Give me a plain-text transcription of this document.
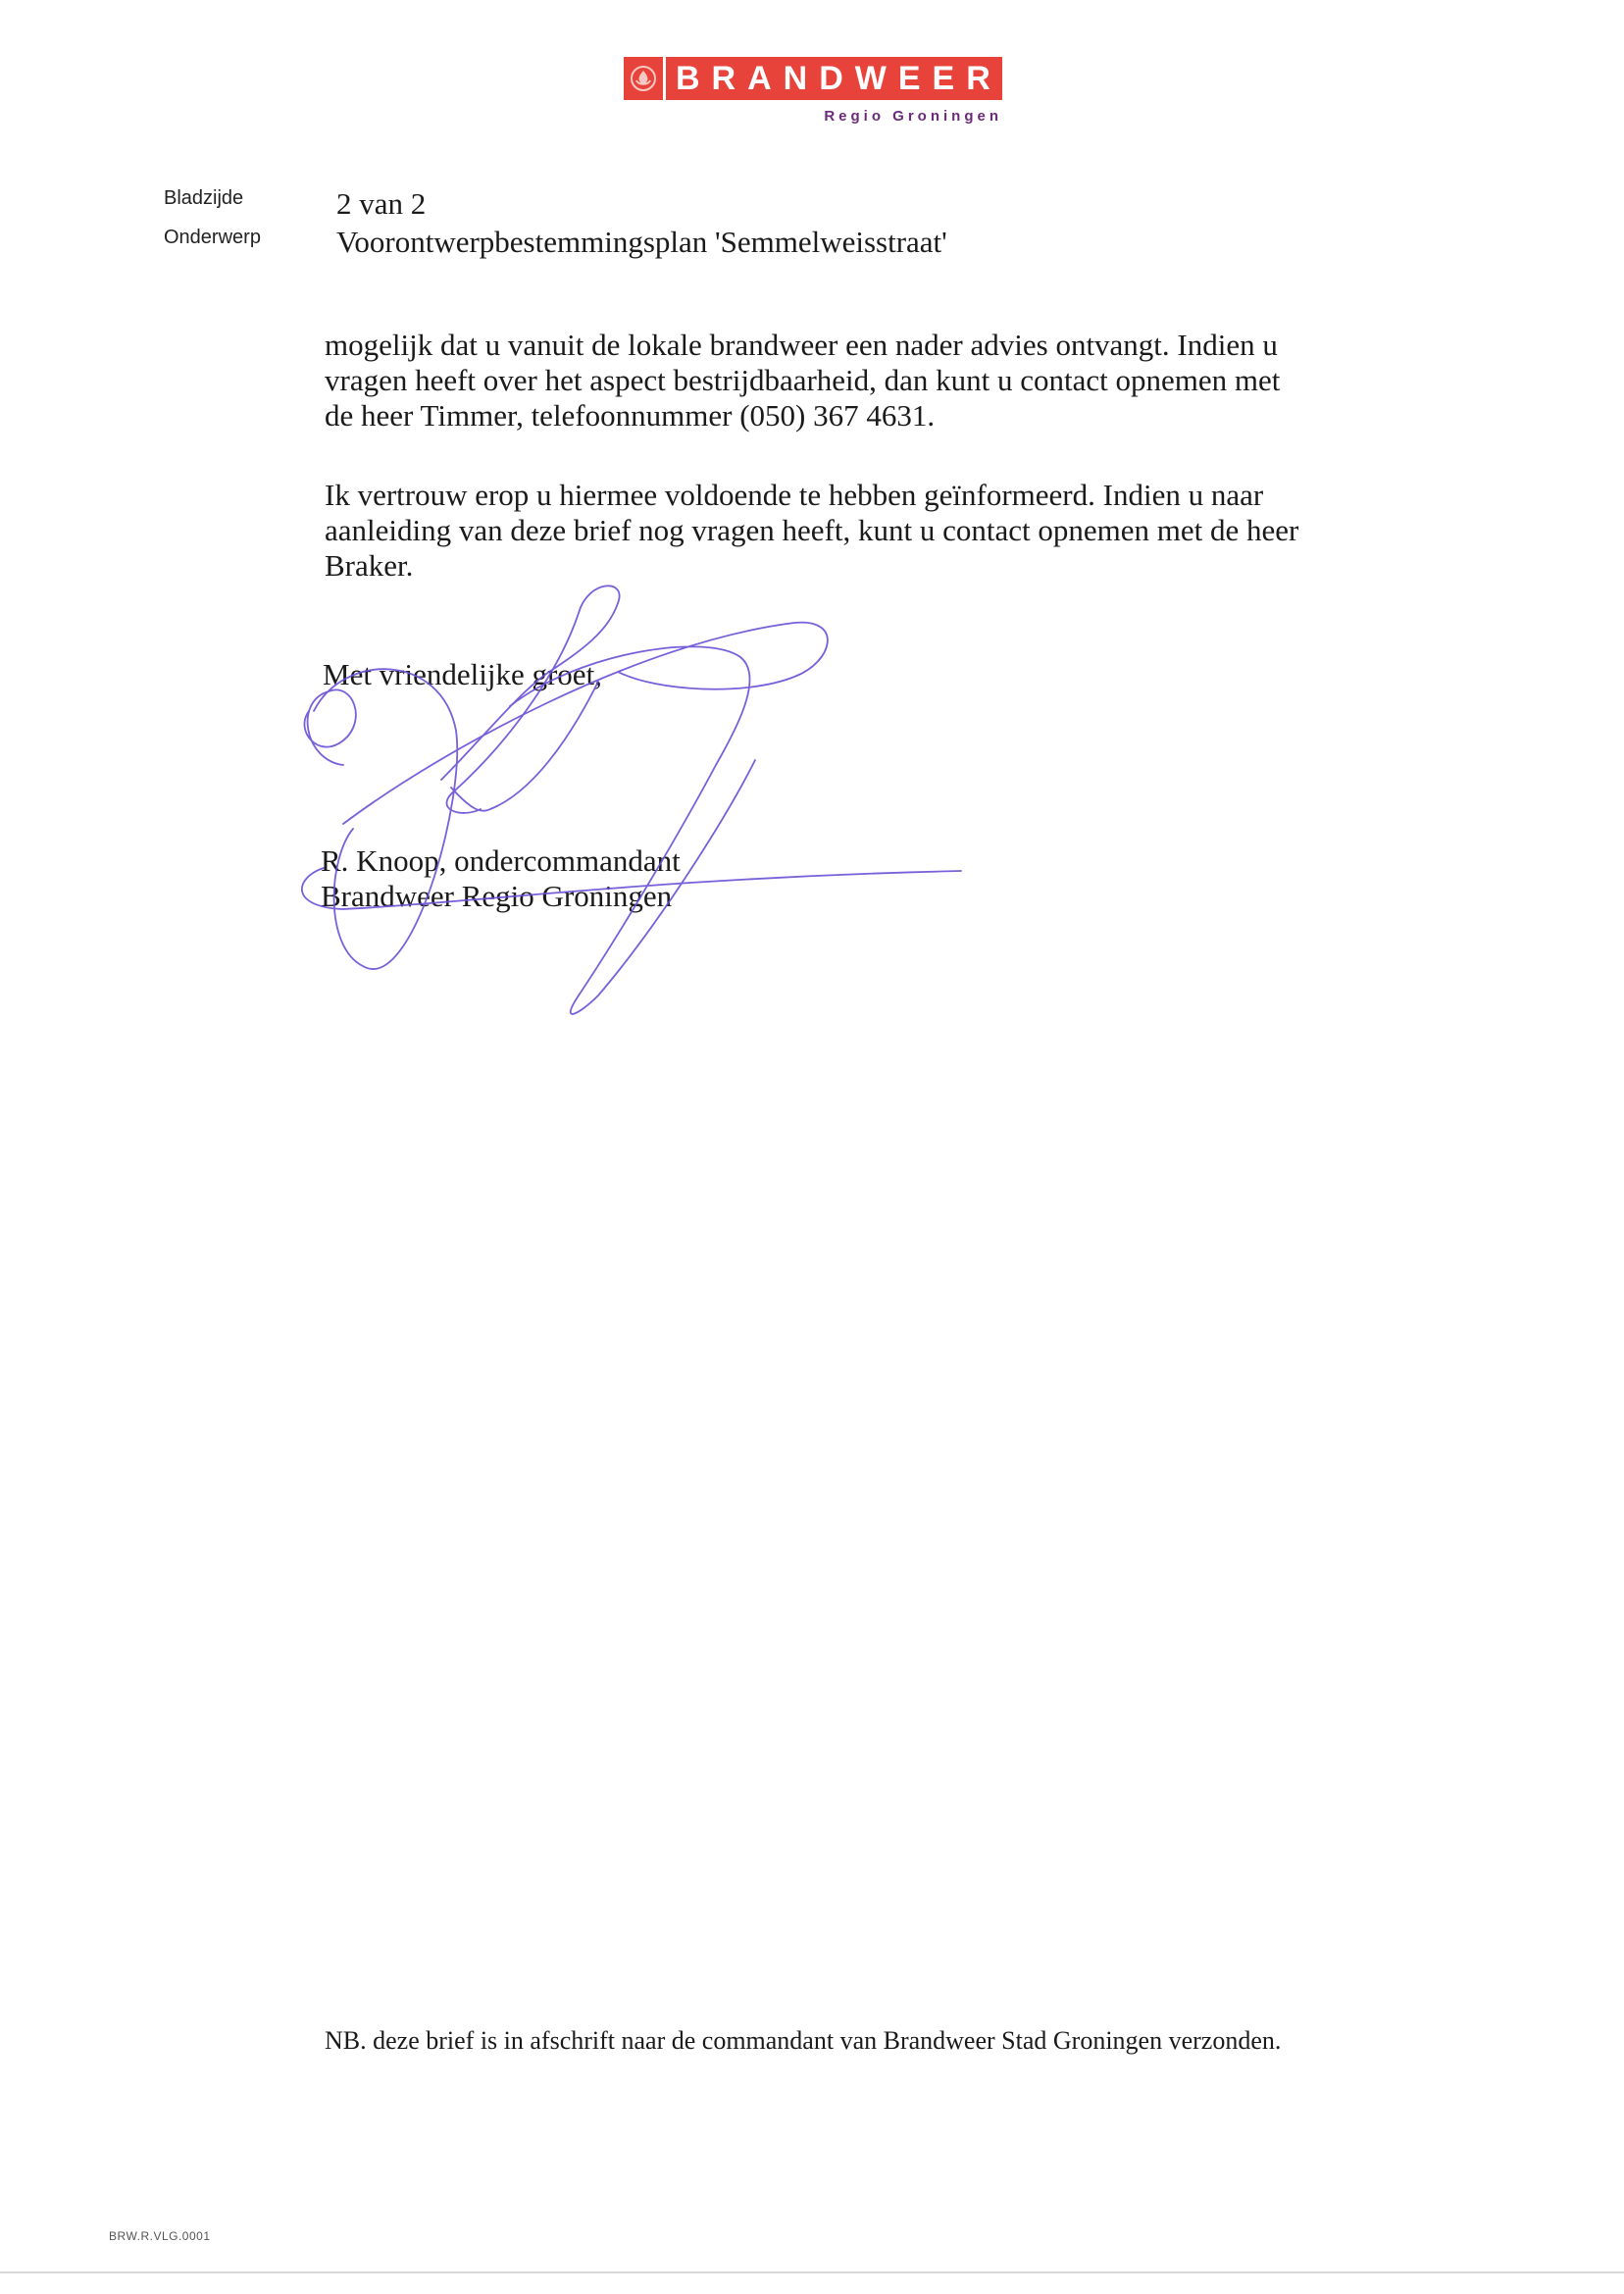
BRANDWEER
Regio Groningen
Bladzijde	2 van 2
Onderwerp Voorontwerpbestemmingsplan 'Semmelweisstraat'
mogelijk dat u vanuit de lokale brandweer een nader advies ontvangt. Indien u
vragen heeft over het aspect bestrijdbaarheid, dan kunt u contact opnemen met
de heer Timmer, telefoonnummer (050) 367 4631.
Ik vertrouw erop u hiermee voldoende te hebben geïnformeerd. Indien u naar
aanleiding van deze brief nog vragen heeft, kunt u contact opnemen met de heer
Braker.
Met vriendelijke groet,
R. Knoop, ondercommandant
Brandweer Regio Groningen
NB. deze brief is in afschrift naar de commandant van Brandweer Stad Groningen verzonden.
BRW.R.VLG.0001
